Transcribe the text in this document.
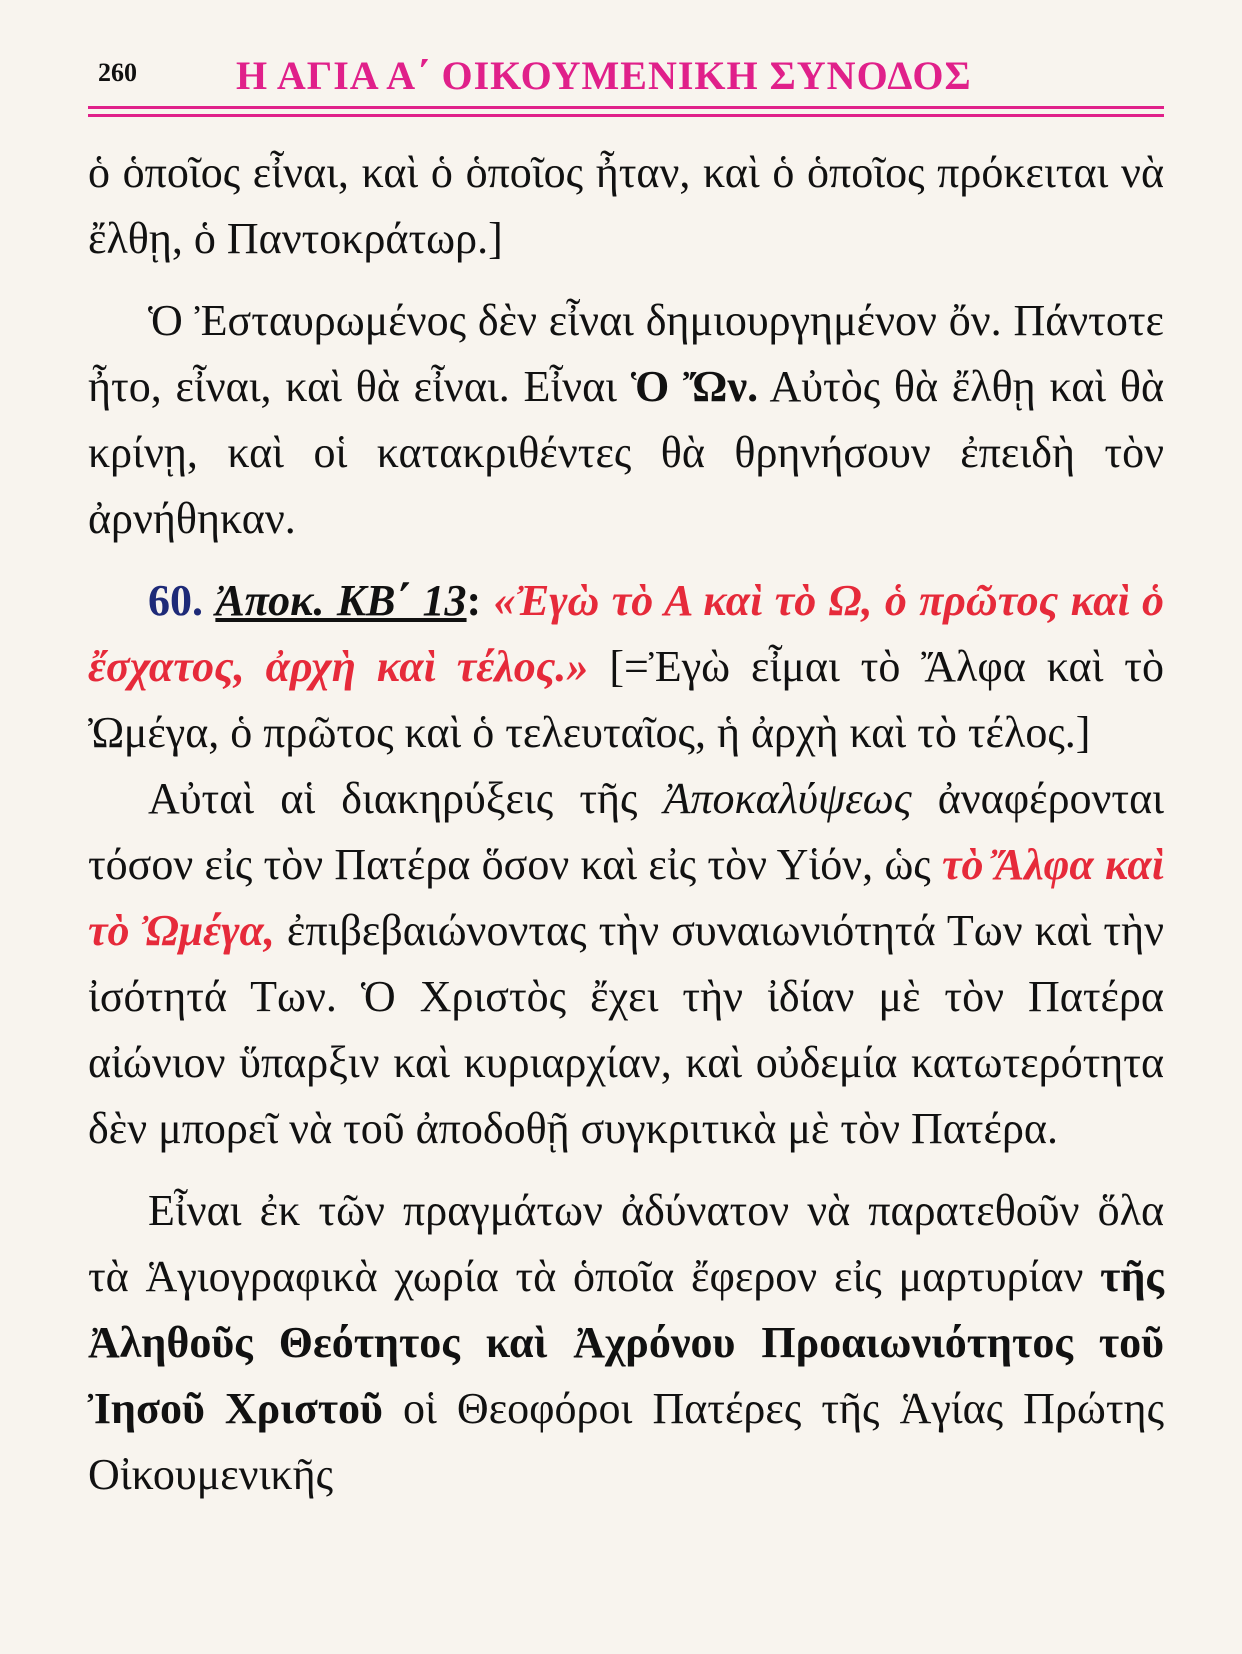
260 Η ΑΓΙΑ Α΄ ΟΙΚΟΥΜΕΝΙΚΗ ΣΥΝΟΔΟΣ

ὁ ὁποῖος εἶναι, καὶ ὁ ὁποῖος ἦταν, καὶ ὁ ὁποῖος πρόκειται νὰ ἔλθῃ, ὁ Παντοκράτωρ.]

Ὁ Ἐσταυρωμένος δὲν εἶναι δημιουργημένον ὄν. Πάντοτε ἦτο, εἶναι, καὶ θὰ εἶναι. Εἶναι Ὁ Ὤν. Αὐτὸς θὰ ἔλθῃ καὶ θὰ κρίνῃ, καὶ οἱ κατακριθέντες θὰ θρηνήσουν ἐπειδὴ τὸν ἀρνήθηκαν.

60. Ἀποκ. ΚΒ΄ 13: «Ἐγὼ τὸ Α καὶ τὸ Ω, ὁ πρῶτος καὶ ὁ ἔσχατος, ἀρχὴ καὶ τέλος.» [=Ἐγὼ εἶμαι τὸ Ἄλφα καὶ τὸ Ὠμέγα, ὁ πρῶτος καὶ ὁ τελευταῖος, ἡ ἀρχὴ καὶ τὸ τέλος.]

Αὐταὶ αἱ διακηρύξεις τῆς Ἀποκαλύψεως ἀναφέρονται τόσον εἰς τὸν Πατέρα ὅσον καὶ εἰς τὸν Υἱόν, ὡς τὸ Ἄλφα καὶ τὸ Ὠμέγα, ἐπιβεβαιώνοντας τὴν συναιωνιότητά Των καὶ τὴν ἰσότητά Των. Ὁ Χριστὸς ἔχει τὴν ἰδίαν μὲ τὸν Πατέρα αἰώνιον ὕπαρξιν καὶ κυριαρχίαν, καὶ οὐδεμία κατωτερότητα δὲν μπορεῖ νὰ τοῦ ἀποδοθῇ συγκριτικὰ μὲ τὸν Πατέρα.

Εἶναι ἐκ τῶν πραγμάτων ἀδύνατον νὰ παρατεθοῦν ὅλα τὰ Ἁγιογραφικὰ χωρία τὰ ὁποῖα ἔφερον εἰς μαρτυρίαν τῆς Ἀληθοῦς Θεότητος καὶ Ἀχρόνου Προαιωνιότητος τοῦ Ἰησοῦ Χριστοῦ οἱ Θεοφόροι Πατέρες τῆς Ἁγίας Πρώτης Οἰκουμενικῆς
